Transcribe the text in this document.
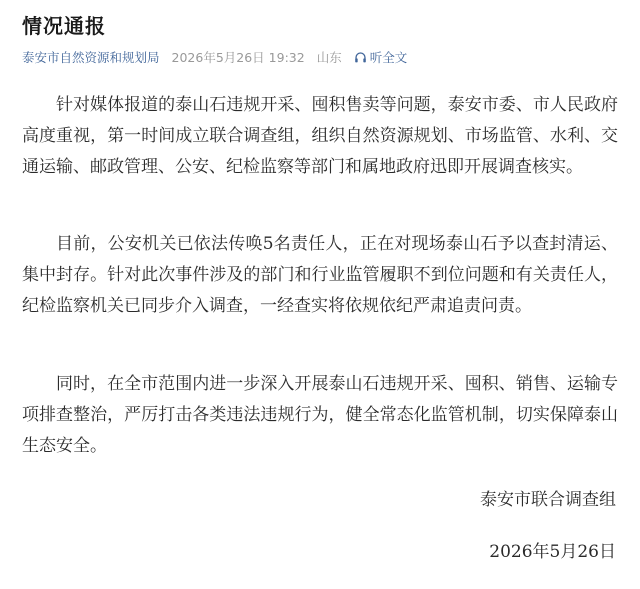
情况通报
泰安市自然资源和规划局 2026年5月26日 19:32 山东 听全文

针对媒体报道的泰山石违规开采、囤积售卖等问题，泰安市委、市人民政府高度重视，第一时间成立联合调查组，组织自然资源规划、市场监管、水利、交通运输、邮政管理、公安、纪检监察等部门和属地政府迅即开展调查核实。

目前，公安机关已依法传唤5名责任人，正在对现场泰山石予以查封清运、集中封存。针对此次事件涉及的部门和行业监管履职不到位问题和有关责任人，纪检监察机关已同步介入调查，一经查实将依规依纪严肃追责问责。

同时，在全市范围内进一步深入开展泰山石违规开采、囤积、销售、运输专项排查整治，严厉打击各类违法违规行为，健全常态化监管机制，切实保障泰山生态安全。

泰安市联合调查组
2026年5月26日
